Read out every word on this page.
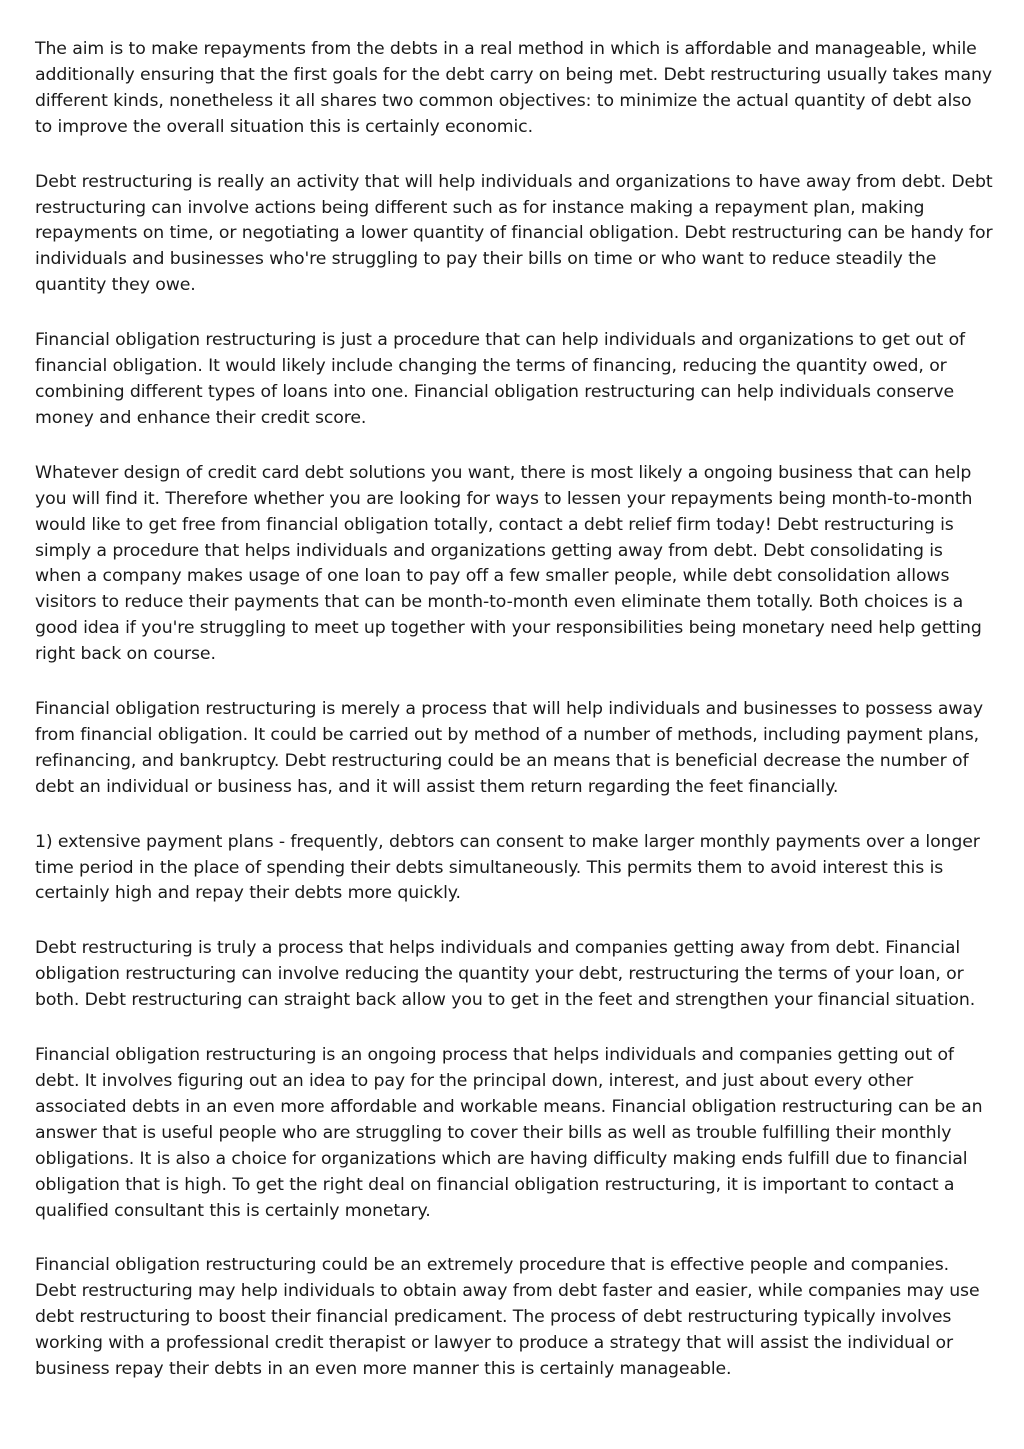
The aim is to make repayments from the debts in a real method in which is affordable and manageable, while additionally ensuring that the first goals for the debt carry on being met. Debt restructuring usually takes many different kinds, nonetheless it all shares two common objectives: to minimize the actual quantity of debt also to improve the overall situation this is certainly economic.

Debt restructuring is really an activity that will help individuals and organizations to have away from debt. Debt restructuring can involve actions being different such as for instance making a repayment plan, making repayments on time, or negotiating a lower quantity of financial obligation. Debt restructuring can be handy for individuals and businesses who're struggling to pay their bills on time or who want to reduce steadily the quantity they owe.

Financial obligation restructuring is just a procedure that can help individuals and organizations to get out of financial obligation. It would likely include changing the terms of financing, reducing the quantity owed, or combining different types of loans into one. Financial obligation restructuring can help individuals conserve money and enhance their credit score.

Whatever design of credit card debt solutions you want, there is most likely a ongoing business that can help you will find it. Therefore whether you are looking for ways to lessen your repayments being month-to-month would like to get free from financial obligation totally, contact a debt relief firm today! Debt restructuring is simply a procedure that helps individuals and organizations getting away from debt. Debt consolidating is when a company makes usage of one loan to pay off a few smaller people, while debt consolidation allows visitors to reduce their payments that can be month-to-month even eliminate them totally. Both choices is a good idea if you're struggling to meet up together with your responsibilities being monetary need help getting right back on course.

Financial obligation restructuring is merely a process that will help individuals and businesses to possess away from financial obligation. It could be carried out by method of a number of methods, including payment plans, refinancing, and bankruptcy. Debt restructuring could be an means that is beneficial decrease the number of debt an individual or business has, and it will assist them return regarding the feet financially.

1) extensive payment plans - frequently, debtors can consent to make larger monthly payments over a longer time period in the place of spending their debts simultaneously. This permits them to avoid interest this is certainly high and repay their debts more quickly.

Debt restructuring is truly a process that helps individuals and companies getting away from debt. Financial obligation restructuring can involve reducing the quantity your debt, restructuring the terms of your loan, or both. Debt restructuring can straight back allow you to get in the feet and strengthen your financial situation.

Financial obligation restructuring is an ongoing process that helps individuals and companies getting out of debt. It involves figuring out an idea to pay for the principal down, interest, and just about every other associated debts in an even more affordable and workable means. Financial obligation restructuring can be an answer that is useful people who are struggling to cover their bills as well as trouble fulfilling their monthly obligations. It is also a choice for organizations which are having difficulty making ends fulfill due to financial obligation that is high. To get the right deal on financial obligation restructuring, it is important to contact a qualified consultant this is certainly monetary.

Financial obligation restructuring could be an extremely procedure that is effective people and companies. Debt restructuring may help individuals to obtain away from debt faster and easier, while companies may use debt restructuring to boost their financial predicament. The process of debt restructuring typically involves working with a professional credit therapist or lawyer to produce a strategy that will assist the individual or business repay their debts in an even more manner this is certainly manageable.
